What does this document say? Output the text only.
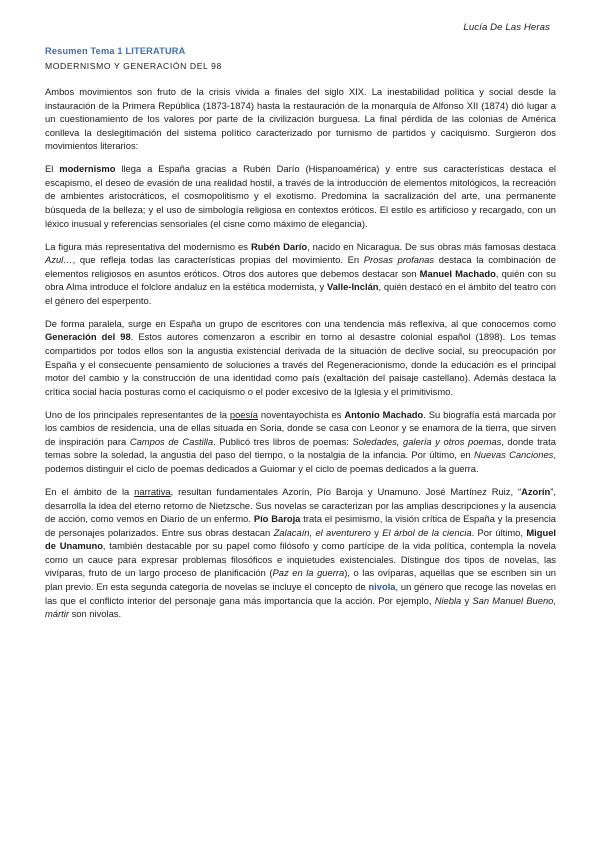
Lucía De Las Heras
Resumen Tema 1 LITERATURA
MODERNISMO Y GENERACIÓN DEL 98

Ambos movimientos son fruto de la crisis vivida a finales del siglo XIX. La inestabilidad política y social desde la instauración de la Primera República (1873-1874) hasta la restauración de la monarquía de Alfonso XII (1874) dió lugar a un cuestionamiento de los valores por parte de la civilización burguesa. La final pérdida de las colonias de América conlleva la deslegitimación del sistema político caracterizado por turnismo de partidos y caciquismo. Surgieron dos movimientos literarios:

El modernismo llega a España gracias a Rubén Darío (Hispanoamérica) y entre sus características destaca el escapismo, el deseo de evasión de una realidad hostil, a través de la introducción de elementos mitológicos, la recreación de ambientes aristocráticos, el cosmopolitismo y el exotismo. Predomina la sacralización del arte, una permanente búsqueda de la belleza; y el uso de simbología religiosa en contextos eróticos. El estilo es artificioso y recargado, con un léxico inusual y referencias sensoriales (el cisne como máximo de elegancia).

La figura más representativa del modernismo es Rubén Darío, nacido en Nicaragua. De sus obras más famosas destaca Azul…, que refleja todas las características propias del movimiento. En Prosas profanas destaca la combinación de elementos religiosos en asuntos eróticos. Otros dos autores que debemos destacar son Manuel Machado, quién con su obra Alma introduce el folclore andaluz en la estética modernista, y Valle-Inclán, quién destacó en el ámbito del teatro con el género del esperpento.

De forma paralela, surge en España un grupo de escritores con una tendencia más reflexiva, al que conocemos como Generación del 98. Estos autores comenzaron a escribir en torno al desastre colonial español (1898). Los temas compartidos por todos ellos son la angustia existencial derivada de la situación de declive social, su preocupación por España y el consecuente pensamiento de soluciones a través del Regeneracionismo, donde la educación es el principal motor del cambio y la construcción de una identidad como país (exaltación del paisaje castellano). Además destaca la crítica social hacia posturas como el caciquismo o el poder excesivo de la Iglesia y el primitivismo.

Uno de los principales representantes de la poesía noventayochista es Antonio Machado. Su biografía está marcada por los cambios de residencia, una de ellas situada en Soria, donde se casa con Leonor y se enamora de la tierra, que sirven de inspiración para Campos de Castilla. Publicó tres libros de poemas: Soledades, galería y otros poemas, donde trata temas sobre la soledad, la angustia del paso del tiempo, o la nostalgia de la infancia. Por último, en Nuevas Canciones, podemos distinguir el ciclo de poemas dedicados a Guiomar y el ciclo de poemas dedicados a la guerra.

En el ámbito de la narrativa, resultan fundamentales Azorín, Pío Baroja y Unamuno. José Martínez Ruiz, “Azorín”, desarrolla la idea del eterno retorno de Nietzsche. Sus novelas se caracterizan por las amplias descripciones y la ausencia de acción, como vemos en Diario de un enfermo. Pío Baroja trata el pesimismo, la visión crítica de España y la presencia de personajes polarizados. Entre sus obras destacan Zalacaín, el aventurero y El árbol de la ciencia. Por último, Miguel de Unamuno, también destacable por su papel como filósofo y como partícipe de la vida política, contempla la novela como un cauce para expresar problemas filosóficos e inquietudes existenciales. Distingue dos tipos de novelas, las vivíparas, fruto de un largo proceso de planificación (Paz en la guerra), o las ovíparas, aquellas que se escriben sin un plan previo. En esta segunda categoría de novelas se incluye el concepto de nivola, un género que recoge las novelas en las que el conflicto interior del personaje gana más importancia que la acción. Por ejemplo, Niebla y San Manuel Bueno, mártir son nivolas.
